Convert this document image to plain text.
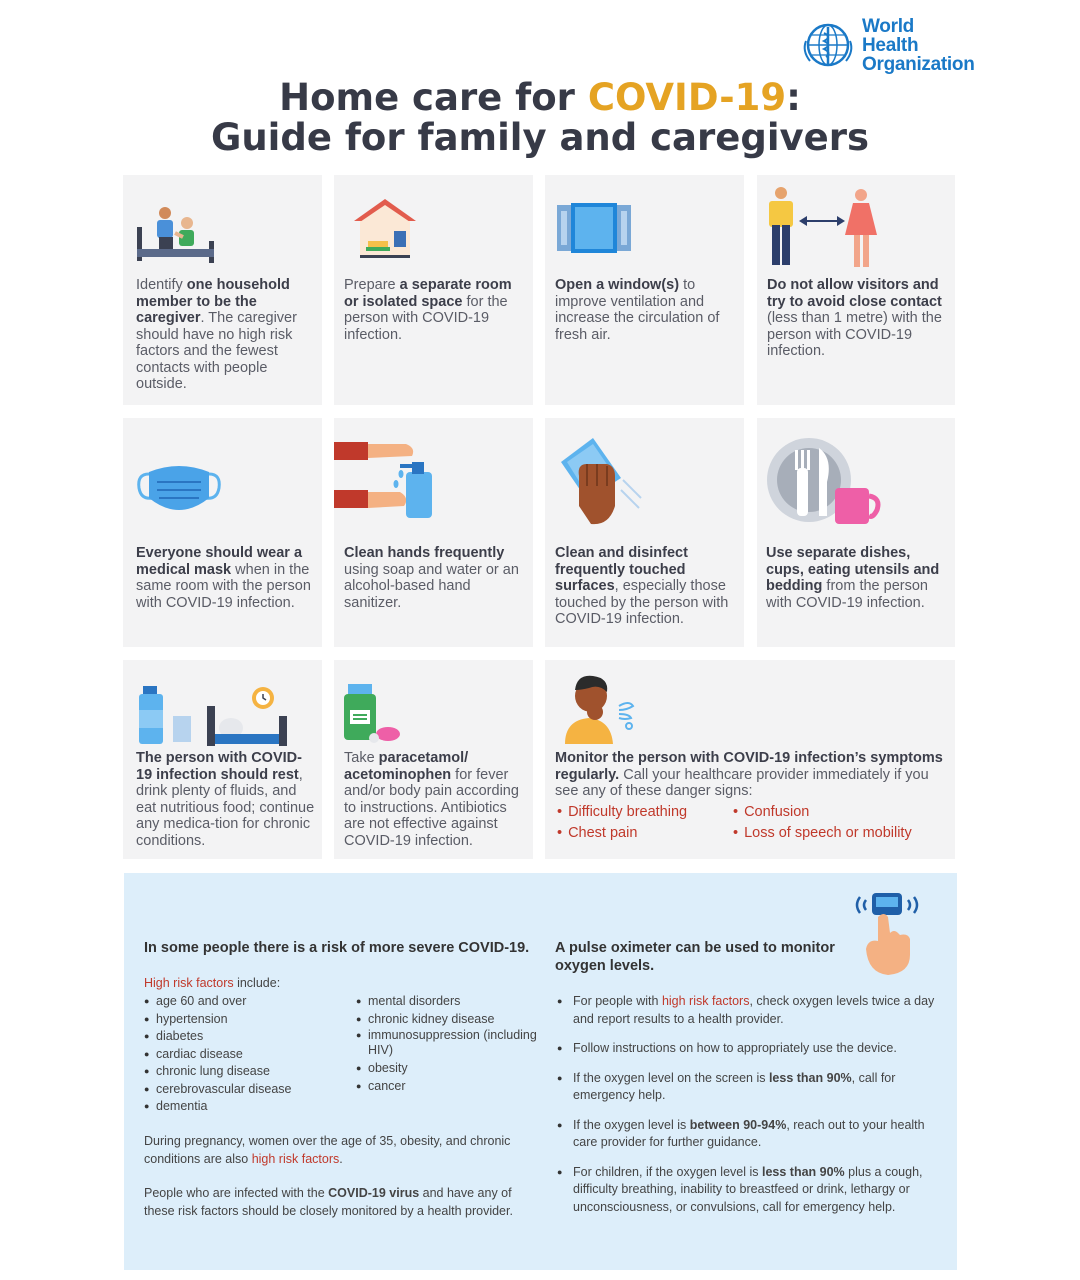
World Health
Organization
Home care for COVID-19:
Guide for family and caregivers
Identify one household member to be the caregiver. The caregiver should have no high risk factors and the fewest contacts with people outside.
Prepare a separate room or isolated space for the person with COVID-19 infection.
Open a window(s) to improve ventilation and increase the circulation of fresh air.
Do not allow visitors and try to avoid close contact (less than 1 metre) with the person with COVID-19 infection.
Everyone should wear a medical mask when in the same room with the person with COVID-19 infection.
Clean hands frequently using soap and water or an alcohol-based hand sanitizer.
Clean and disinfect frequently touched surfaces, especially those touched by the person with COVID-19 infection.
Use separate dishes, cups, eating utensils and bedding from the person with COVID-19 infection.
The person with COVID-19 infection should rest, drink plenty of fluids, and eat nutritious food; continue any medica-tion for chronic conditions.
Take paracetamol/ acetominophen for fever and/or body pain according to instructions. Antibiotics are not effective against COVID-19 infection.
Monitor the person with COVID-19 infection’s symptoms regularly. Call your healthcare provider immediately if you see any of these danger signs:
• Difficulty breathing	• Confusion
• Chest pain	• Loss of speech or mobility
In some people there is a risk of more severe COVID-19.
High risk factors include:
● age 60 and over
● hypertension
● diabetes
● cardiac disease
● chronic lung disease
● cerebrovascular disease
● dementia
● mental disorders
● chronic kidney disease
● immunosuppression (including HIV)
● obesity
● cancer
During pregnancy, women over the age of 35, obesity, and chronic conditions are also high risk factors.
People who are infected with the COVID-19 virus and have any of these risk factors should be closely monitored by a health provider.
A pulse oximeter can be used to monitor oxygen levels.
● For people with high risk factors, check oxygen levels twice a day and report results to a health provider.
● Follow instructions on how to appropriately use the device.
● If the oxygen level on the screen is less than 90%, call for emergency help.
● If the oxygen level is between 90-94%, reach out to your health care provider for further guidance.
● For children, if the oxygen level is less than 90% plus a cough, difficulty breathing, inability to breastfeed or drink, lethargy or unconsciousness, or convulsions, call for emergency help.
